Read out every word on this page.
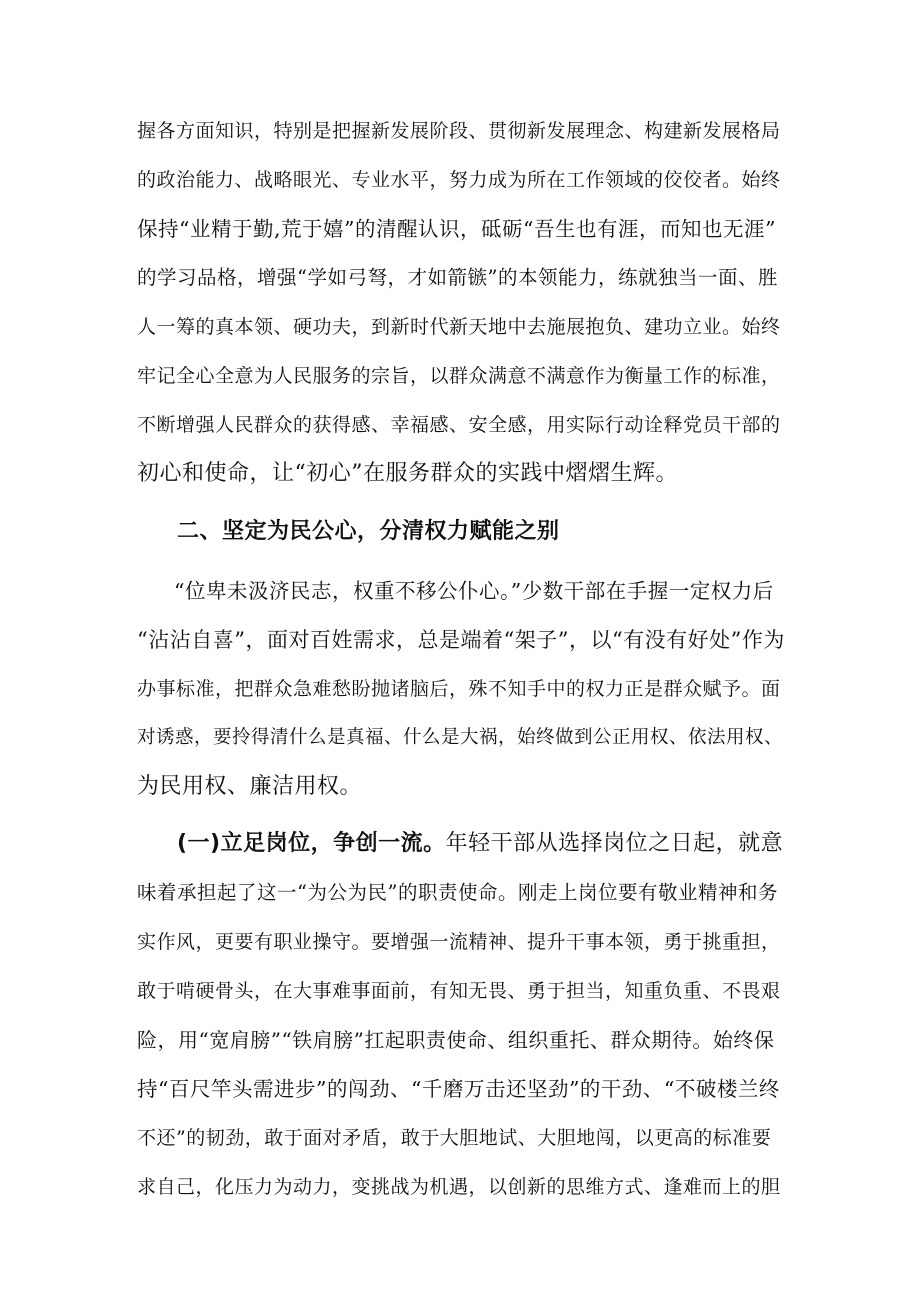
握各方面知识，特别是把握新发展阶段、贯彻新发展理念、构建新发展格局
的政治能力、战略眼光、专业水平，努力成为所在工作领域的佼佼者。始终
保持“业精于勤,荒于嬉”的清醒认识，砥砺“吾生也有涯，而知也无涯”
的学习品格，增强“学如弓弩，才如箭镞”的本领能力，练就独当一面、胜
人一筹的真本领、硬功夫，到新时代新天地中去施展抱负、建功立业。始终
牢记全心全意为人民服务的宗旨，以群众满意不满意作为衡量工作的标准，
不断增强人民群众的获得感、幸福感、安全感，用实际行动诠释党员干部的
初心和使命，让“初心”在服务群众的实践中熠熠生辉。
二、坚定为民公心，分清权力赋能之别
“位卑未汲济民志，权重不移公仆心。”少数干部在手握一定权力后
“沾沾自喜”，面对百姓需求，总是端着“架子”，以“有没有好处”作为
办事标准，把群众急难愁盼抛诸脑后，殊不知手中的权力正是群众赋予。面
对诱惑，要拎得清什么是真福、什么是大祸，始终做到公正用权、依法用权、
为民用权、廉洁用权。
(一)立足岗位，争创一流。年轻干部从选择岗位之日起，就意
味着承担起了这一“为公为民”的职责使命。刚走上岗位要有敬业精神和务
实作风，更要有职业操守。要增强一流精神、提升干事本领，勇于挑重担，
敢于啃硬骨头，在大事难事面前，有知无畏、勇于担当，知重负重、不畏艰
险，用“宽肩膀”“铁肩膀”扛起职责使命、组织重托、群众期待。始终保
持“百尺竿头需进步”的闯劲、“千磨万击还坚劲”的干劲、“不破楼兰终
不还”的韧劲，敢于面对矛盾，敢于大胆地试、大胆地闯，以更高的标准要
求自己，化压力为动力，变挑战为机遇，以创新的思维方式、逢难而上的胆
